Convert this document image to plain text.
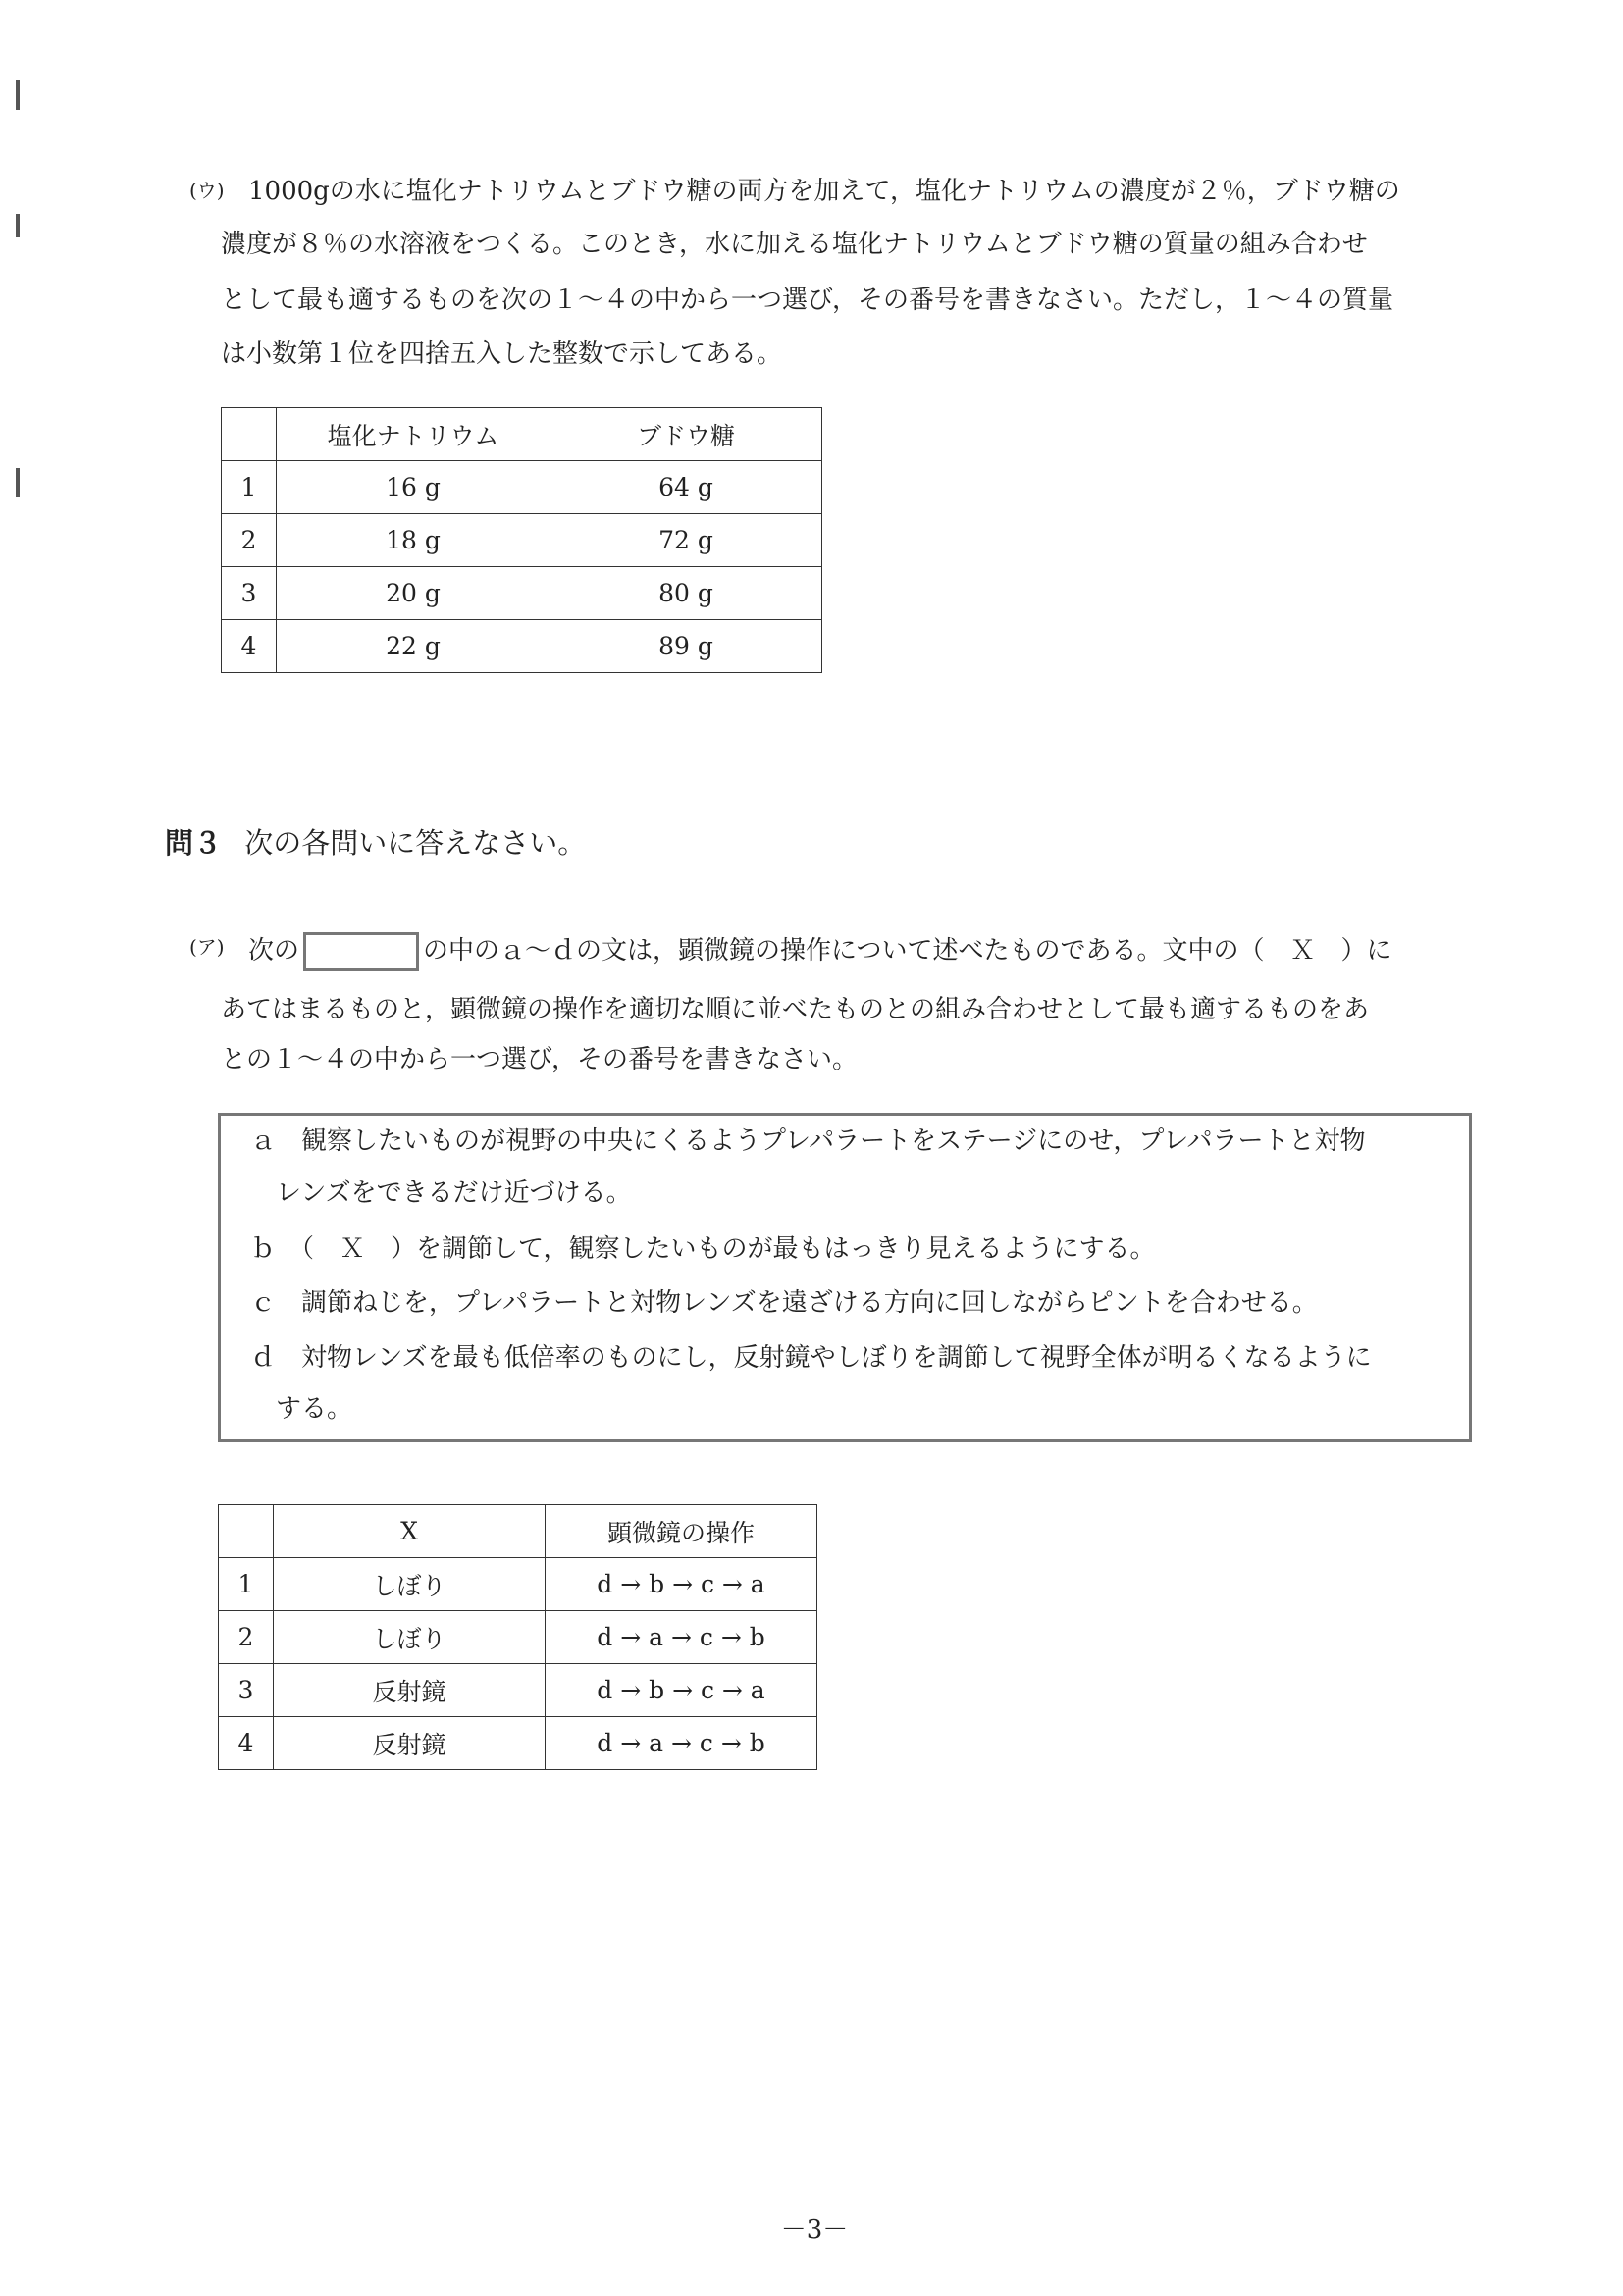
(ウ) 1000gの水に塩化ナトリウムとブドウ糖の両方を加えて，塩化ナトリウムの濃度が２％，ブドウ糖の
濃度が８％の水溶液をつくる。このとき，水に加える塩化ナトリウムとブドウ糖の質量の組み合わせ
として最も適するものを次の１～４の中から一つ選び，その番号を書きなさい。ただし，１～４の質量
は小数第１位を四捨五入した整数で示してある。
	塩化ナトリウム	ブドウ糖
1	16 g	64 g
2	18 g	72 g
3	20 g	80 g
4	22 g	89 g
問３ 次の各問いに答えなさい。
(ア) 次の	の中のａ～ｄの文は，顕微鏡の操作について述べたものである。文中の（　Ｘ　）に
あてはまるものと，顕微鏡の操作を適切な順に並べたものとの組み合わせとして最も適するものをあ
との１～４の中から一つ選び，その番号を書きなさい。
ａ　観察したいものが視野の中央にくるようプレパラートをステージにのせ，プレパラートと対物
　レンズをできるだけ近づける。
ｂ　（　Ｘ　）を調節して，観察したいものが最もはっきり見えるようにする。
ｃ　調節ねじを，プレパラートと対物レンズを遠ざける方向に回しながらピントを合わせる。
ｄ　対物レンズを最も低倍率のものにし，反射鏡やしぼりを調節して視野全体が明るくなるように
　する。
	X	顕微鏡の操作
1	しぼり	d → b → c → a
2	しぼり	d → a → c → b
3	反射鏡	d → b → c → a
4	反射鏡	d → a → c → b
－3－
